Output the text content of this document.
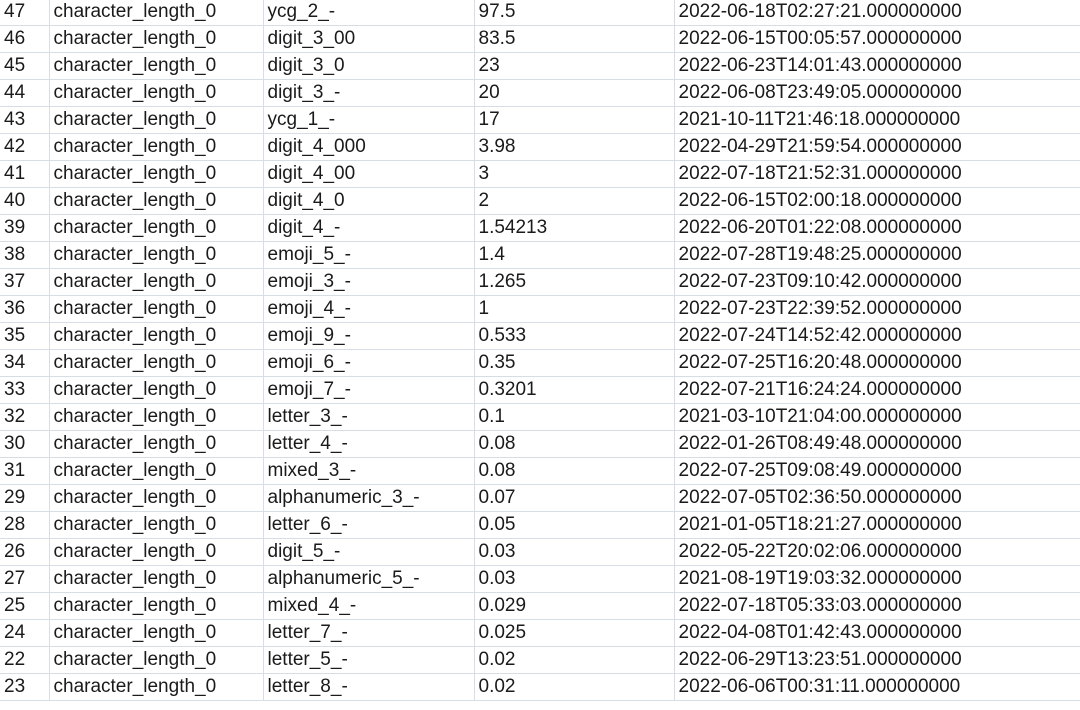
47	character_length_0	ycg_2_-	97.5	2022-06-18T02:27:21.000000000
46	character_length_0	digit_3_00	83.5	2022-06-15T00:05:57.000000000
45	character_length_0	digit_3_0	23	2022-06-23T14:01:43.000000000
44	character_length_0	digit_3_-	20	2022-06-08T23:49:05.000000000
43	character_length_0	ycg_1_-	17	2021-10-11T21:46:18.000000000
42	character_length_0	digit_4_000	3.98	2022-04-29T21:59:54.000000000
41	character_length_0	digit_4_00	3	2022-07-18T21:52:31.000000000
40	character_length_0	digit_4_0	2	2022-06-15T02:00:18.000000000
39	character_length_0	digit_4_-	1.54213	2022-06-20T01:22:08.000000000
38	character_length_0	emoji_5_-	1.4	2022-07-28T19:48:25.000000000
37	character_length_0	emoji_3_-	1.265	2022-07-23T09:10:42.000000000
36	character_length_0	emoji_4_-	1	2022-07-23T22:39:52.000000000
35	character_length_0	emoji_9_-	0.533	2022-07-24T14:52:42.000000000
34	character_length_0	emoji_6_-	0.35	2022-07-25T16:20:48.000000000
33	character_length_0	emoji_7_-	0.3201	2022-07-21T16:24:24.000000000
32	character_length_0	letter_3_-	0.1	2021-03-10T21:04:00.000000000
30	character_length_0	letter_4_-	0.08	2022-01-26T08:49:48.000000000
31	character_length_0	mixed_3_-	0.08	2022-07-25T09:08:49.000000000
29	character_length_0	alphanumeric_3_-	0.07	2022-07-05T02:36:50.000000000
28	character_length_0	letter_6_-	0.05	2021-01-05T18:21:27.000000000
26	character_length_0	digit_5_-	0.03	2022-05-22T20:02:06.000000000
27	character_length_0	alphanumeric_5_-	0.03	2021-08-19T19:03:32.000000000
25	character_length_0	mixed_4_-	0.029	2022-07-18T05:33:03.000000000
24	character_length_0	letter_7_-	0.025	2022-04-08T01:42:43.000000000
22	character_length_0	letter_5_-	0.02	2022-06-29T13:23:51.000000000
23	character_length_0	letter_8_-	0.02	2022-06-06T00:31:11.000000000
